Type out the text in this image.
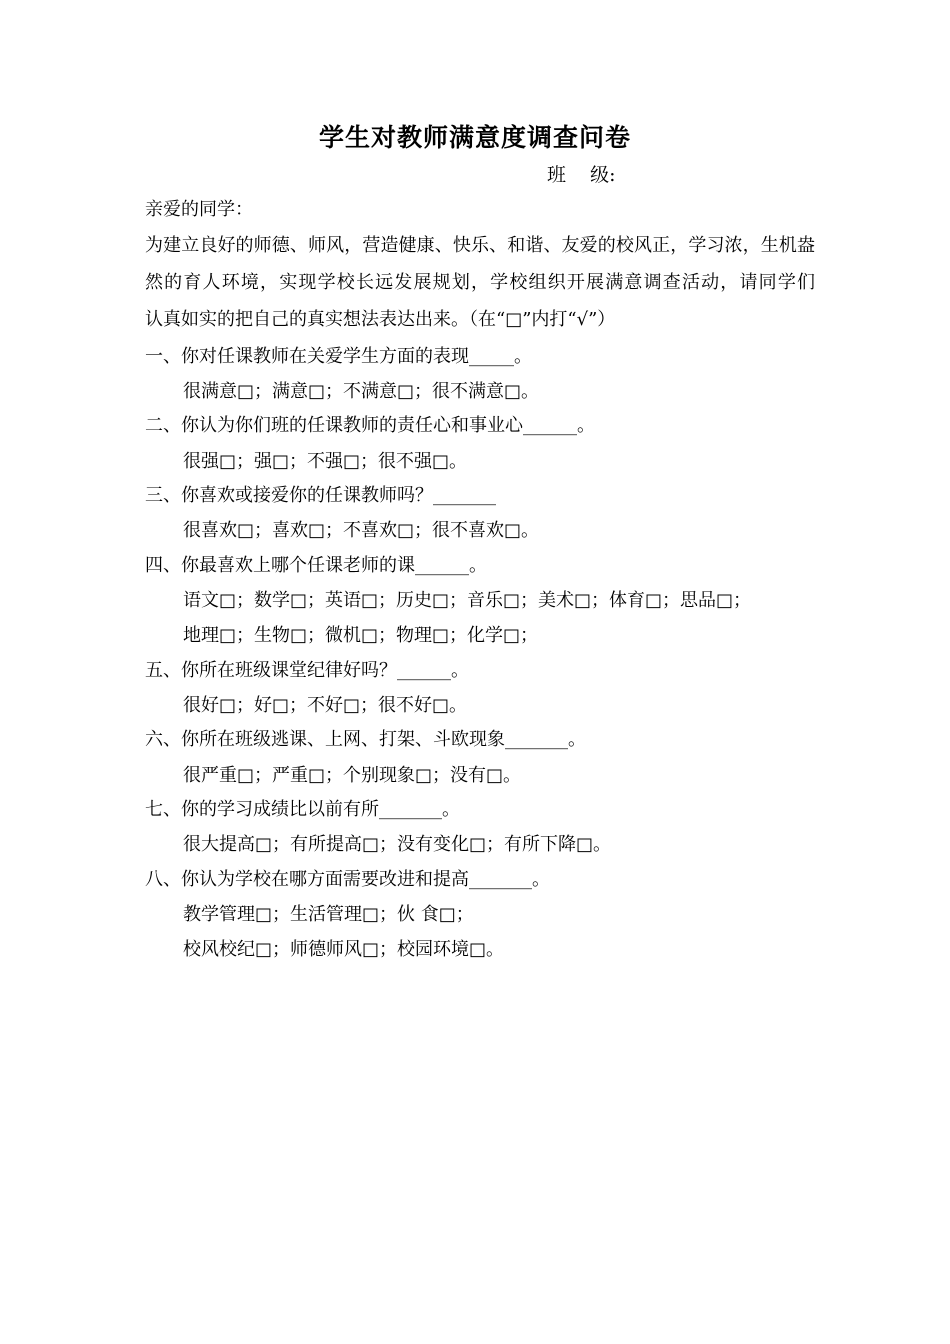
学生对教师满意度调查问卷
班    级:
亲爱的同学：
为建立良好的师德、师风，营造健康、快乐、和谐、友爱的校风正，学习浓，生机盎
然的育人环境，实现学校长远发展规划，学校组织开展满意调查活动，请同学们
认真如实的把自己的真实想法表达出来。（在“□”内打“√”）
一、你对任课教师在关爱学生方面的表现_____。
很满意□；满意□；不满意□；很不满意□。
二、你认为你们班的任课教师的责任心和事业心______。
很强□；强□；不强□；很不强□。
三、你喜欢或接爱你的任课教师吗？_______
很喜欢□；喜欢□；不喜欢□；很不喜欢□。
四、你最喜欢上哪个任课老师的课______。
语文□；数学□；英语□；历史□；音乐□；美术□；体育□；思品□；
地理□；生物□；微机□；物理□；化学□；
五、你所在班级课堂纪律好吗？______。
很好□；好□；不好□；很不好□。
六、你所在班级逃课、上网、打架、斗欧现象_______。
很严重□；严重□；个别现象□；没有□。
七、你的学习成绩比以前有所_______。
很大提高□；有所提高□；没有变化□；有所下降□。
八、你认为学校在哪方面需要改进和提高_______。
教学管理□；生活管理□；伙 食□；
校风校纪□；师德师风□；校园环境□。
